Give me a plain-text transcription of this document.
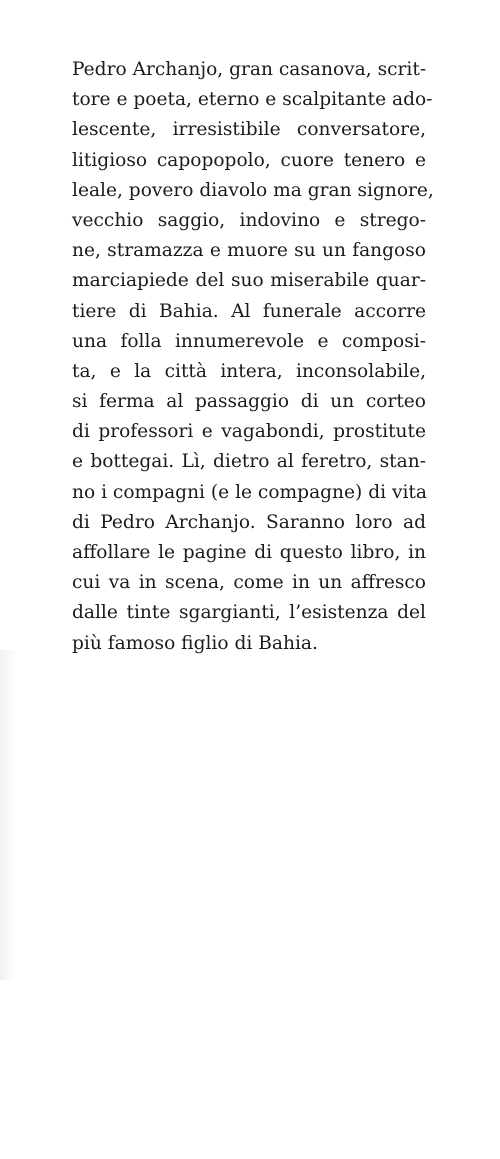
Pedro Archanjo, gran casanova, scrit-
tore e poeta, eterno e scalpitante ado-
lescente, irresistibile conversatore,
litigioso capopopolo, cuore tenero e
leale, povero diavolo ma gran signore,
vecchio saggio, indovino e strego-
ne, stramazza e muore su un fangoso
marciapiede del suo miserabile quar-
tiere di Bahia. Al funerale accorre
una folla innumerevole e composi-
ta, e la città intera, inconsolabile,
si ferma al passaggio di un corteo
di professori e vagabondi, prostitute
e bottegai. Lì, dietro al feretro, stan-
no i compagni (e le compagne) di vita
di Pedro Archanjo. Saranno loro ad
affollare le pagine di questo libro, in
cui va in scena, come in un affresco
dalle tinte sgargianti, l’esistenza del
più famoso figlio di Bahia.
